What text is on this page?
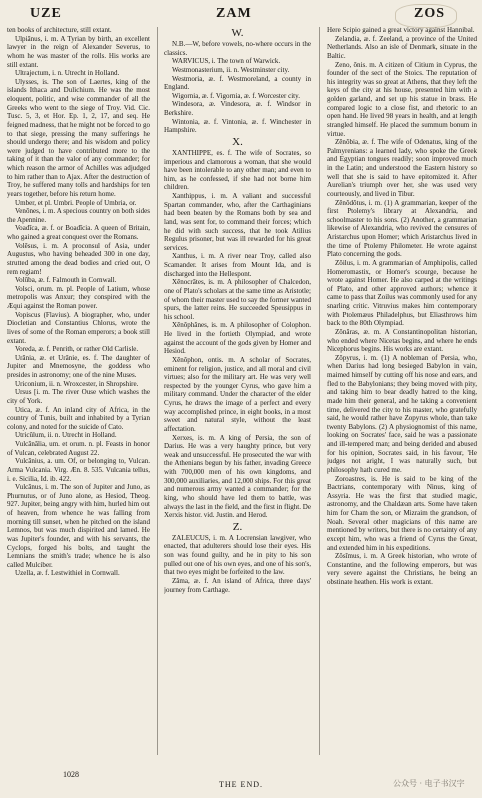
UZE	ZAM	ZOS

ten books of architecture, still extant.

Ulpiānus, i. m. A Tyrian by birth, an excellent lawyer in the reign of Alexander Severus, to whom he was master of the rolls. His works are still extant.

Ultrajectum, i. n. Utrecht in Holland.

Ulysses, is. The son of Laertes, king of the islands Ithaca and Dulichium. He was the most eloquent, politic, and wise commander of all the Greeks who went to the siege of Troy. Vid. Cic. Tusc. 5, 3, et Hor. Ep. 1, 2, 17, and seq. He feigned madness, that he might not be forced to go to that siege, pressing the many sufferings he should undergo there; and his wisdom and policy were judged to have contributed more to the taking of it than the valor of any commander; for which reason the armor of Achilles was adjudged to him rather than to Ajax. After the destruction of Troy, he suffered many tolls and hardships for ten years together, before his return home.

Umber, et pl. Umbri. People of Umbria, or.

Venōnes, i. m. A specious country on both sides the Apennine.

Voadīca, æ. f. or Boadīcia. A queen of Britain, who gained a great conquest over the Romans.

Volēsus, i. m. A proconsul of Asia, under Augustus, who having beheaded 300 in one day, strutted among the dead bodies and cried out, O rem regiam!

Volūba, æ. f. Falmouth in Cornwall.

Volsci, orum. m. pl. People of Latium, whose metropolis was Anxur; they conspired with the Æqui against the Roman power.

Vopiscus (Flavius). A biographer, who, under Diocletian and Constantius Chlorus, wrote the lives of some of the Roman emperors; a book still extant.

Voreda, æ. f. Penrith, or rather Old Carlisle.

Urānia, æ. et Urānie, es. f. The daughter of Jupiter and Mnemosyne, the goddess who presides in astronomy; one of the nine Muses.

Uriconium, ii. n. Wroxcester, in Shropshire.

Ursus [i. m. The river Ouse which washes the city of York.

Utica, æ. f. An inland city of Africa, in the country of Tunis, built and inhabited by a Tyrian colony, and noted for the suicide of Cato.

Utricŭlum, ii. n. Utrecht in Holland.

Vulcānālia, um. et orum. n. pl. Feasts in honor of Vulcan, celebrated August 22.

Vulcānius, a. um. Of, or belonging to, Vulcan. Arma Vulcania. Virg. Æn. 8. 535. Vulcania tellus, i. e. Sicilia, Id. ib. 422.

Vulcānus, i. m. The son of Jupiter and Juno, as Phurnutus, or of Juno alone, as Hesiod, Theog. 927. Jupiter, being angry with him, hurled him out of heaven, from whence he was falling from morning till sunset, when he pitched on the island Lemnos, but was much dispirited and lamed. He was Jupiter's founder, and with his servants, the Cyclops, forged his bolts, and taught the Lemnians the smith's trade; whence he is also called Mulciber.

Uzella, æ. f. Lestwithiel in Cornwall.

W.

N.B.—W, before vowels, no-where occurs in the classics.

WARVICUS, i. The town of Warwick.

Westmonasterium, ii. n. Westminster city.

Westmoria, æ. f. Westmoreland, a county in England.

Wigornia, æ. f. Vigornia, æ. f. Worcester city.

Windesora, æ. Vindesora, æ. f. Windsor in Berkshire.

Wintonia, æ. f. Vintonia, æ. f. Winchester in Hampshire.

X.

XANTHIPPE, es. f. The wife of Socrates, so imperious and clamorous a woman, that she would have been intolerable to any other man; and even to him, as he confessed, if she had not borne him children.

Xanthippus, i. m. A valiant and successful Spartan commander, who, after the Carthaginians had been beaten by the Romans both by sea and land, was sent for, to command their forces; which he did with such success, that he took Atilius Regulus prisoner, but was ill rewarded for his great services.

Xanthus, i. m. A river near Troy, called also Scamander. It arises from Mount Ida, and is discharged into the Hellespont.

Xēnocrātes, is. m. A philosopher of Chalcedon, one of Plato's scholars at the same time as Aristotle; of whom their master used to say the former wanted spurs, the latter reins. He succeeded Speusippus in his school.

Xēnŏphănes, is. m. A philosopher of Colophon. He lived in the fortieth Olympiad, and wrote against the account of the gods given by Homer and Hesiod.

Xēnŏphon, ontis. m. A scholar of Socrates, eminent for religion, justice, and all moral and civil virtues; also for the military art. He was very well respected by the younger Cyrus, who gave him a military command. Under the character of the elder Cyrus, he draws the image of a perfect and every way accomplished prince, in eight books, in a most sweet and natural style, without the least affectation.

Xerxes, is. m. A king of Persia, the son of Darius. He was a very haughty prince, but very weak and unsuccessful. He prosecuted the war with the Athenians begun by his father, invading Greece with 700,000 men of his own kingdoms, and 300,000 auxiliaries, and 12,000 ships. For this great and numerous army wanted a commander; for the king, who should have led them to battle, was always the last in the field, and the first in flight. De Xerxis histor. vid. Justin. and Herod.

Z.

ZALEUCUS, i. m. A Locrensian lawgiver, who enacted, that adulterers should lose their eyes. His son was found guilty, and he in pity to his son pulled out one of his own eyes, and one of his son's, that two eyes might be forfeited to the law.

Zăma, æ. f. An island of Africa, three days' journey from Carthage.

Here Scipio gained a great victory against Hannibal.

Zelandia, æ. f. Zeeland, a province of the United Netherlands. Also an isle of Denmark, situate in the Baltic.

Zeno, ōnis. m. A citizen of Citium in Cyprus, the founder of the sect of the Stoics. The reputation of his integrity was so great at Athens, that they left the keys of the city at his house, presented him with a golden garland, and set up his statue in brass. He compared logic to a close fist, and rhetoric to an open hand. He lived 98 years in health, and at length strangled himself. He placed the summum bonum in virtue.

Zēnŏbia, æ. f. The wife of Odenatus, king of the Palmyrenians: a learned lady, who spoke the Greek and Egyptian tongues readily; soon improved much in the Latin; and understood the Eastern history so well that she is said to have epitomized it. After Aurelian's triumph over her, she was used very courteously, and lived in Tibur.

Zēnŏdŏtus, i. m. (1) A grammarian, keeper of the first Ptolemy's library at Alexandria, and schoolmaster to his sons. (2) Another, a grammarian likewise of Alexandria, who revived the censures of Aristarchus upon Homer; which Aristarchus lived in the time of Ptolemy Philometer. He wrote against Plato concerning the gods.

Zōilus, i. m. A grammarian of Amphipolis, called Homeromastix, or Homer's scourge, because he wrote against Homer. He also carped at the writings of Plato, and other approved authors; whence it came to pass that Zoilus was commonly used for any snarling critic. Vitruvius makes him contemporary with Ptolemæus Philadelphus, but Eliasthrows him back to the 80th Olympiad.

Zōnăras, æ. m. A Constantinopolitan historian, who ended where Nicetas begins, and where he ends Nicephorus begins. His works are extant.

Zōpyrus, i. m. (1) A nobleman of Persia, who, when Darius had long besieged Babylon in vain, maimed himself by cutting off his nose and ears, and fled to the Babylonians; they being moved with pity, and taking him to bear deadly hatred to the king, made him their general, and he taking a convenient time, delivered the city to his master, who gratefully said, he would rather have Zopyrus whole, than take twenty Babylons. (2) A physiognomist of this name, looking on Socrates' face, said he was a passionate and ill-tempered man; and being derided and abused for his opinion, Socrates said, in his favour, 'He judges not aright, I was naturally such, but philosophy hath cured me.

Zoroastres, is. He is said to be king of the Bactrians, contemporary with Ninus, king of Assyria. He was the first that studied magic, astronomy, and the Chaldæan arts. Some have taken him for Cham the son, or Mizraim the grandson, of Noah. Several other magicians of this name are mentioned by writers, but there is no certainty of any except him, who was a friend of Cyrus the Great, and extended him in his expeditions.

Zōsĭmus, i. m. A Greek historian, who wrote of Constantine, and the following emperors, but was very severe against the Christians, he being an obstinate heathen. His work is extant.

1028
THE END.	公众号 · 电子书汉字
